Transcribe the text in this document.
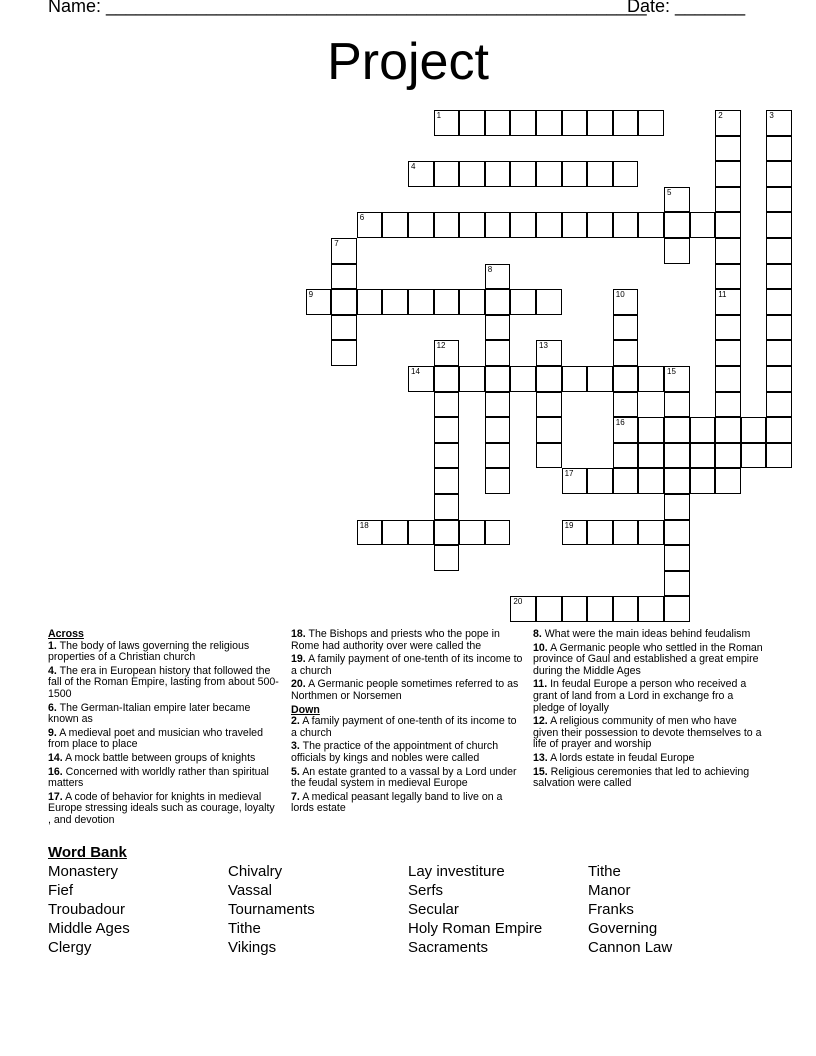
Name: ______________________________________________________
Date: _______
Project
1
4
6
9
14	15
16
17
18	19
20
2
11
3
5
7
8
10
12	13
Across
1. The body of laws governing the religious properties of a Christian church
4. The era in European history that followed the fall of the Roman Empire, lasting from about 500-1500
6. The German-Italian empire later became known as
9. A medieval poet and musician who traveled from place to place
14. A mock battle between groups of knights
16. Concerned with worldly rather than spiritual matters
17. A code of behavior for knights in medieval Europe stressing ideals such as courage, loyalty , and devotion
18. The Bishops and priests who the pope in Rome had authority over were called the
19. A family payment of one-tenth of its income to a church
20. A Germanic people sometimes referred to as Northmen or Norsemen
Down
2. A family payment of one-tenth of its income to a church
3. The practice of the appointment of church officials by kings and nobles were called
5. An estate granted to a vassal by a Lord under the feudal system in medieval Europe
7. A medical peasant legally band to live on a lords estate
8. What were the main ideas behind feudalism
10. A Germanic people who settled in the Roman province of Gaul and established a great empire during the Middle Ages
11. In feudal Europe a person who received a grant of land from a Lord in exchange fro a pledge of loyally
12. A religious community of men who have given their possession to devote themselves to a life of prayer and worship
13. A lords estate in feudal Europe
15. Religious ceremonies that led to achieving salvation were called
Word Bank
Monastery
Fief
Troubadour
Middle Ages
Clergy
Chivalry
Vassal
Tournaments
Tithe
Vikings
Lay investiture
Serfs
Secular
Holy Roman Empire
Sacraments
Tithe
Manor
Franks
Governing
Cannon Law
